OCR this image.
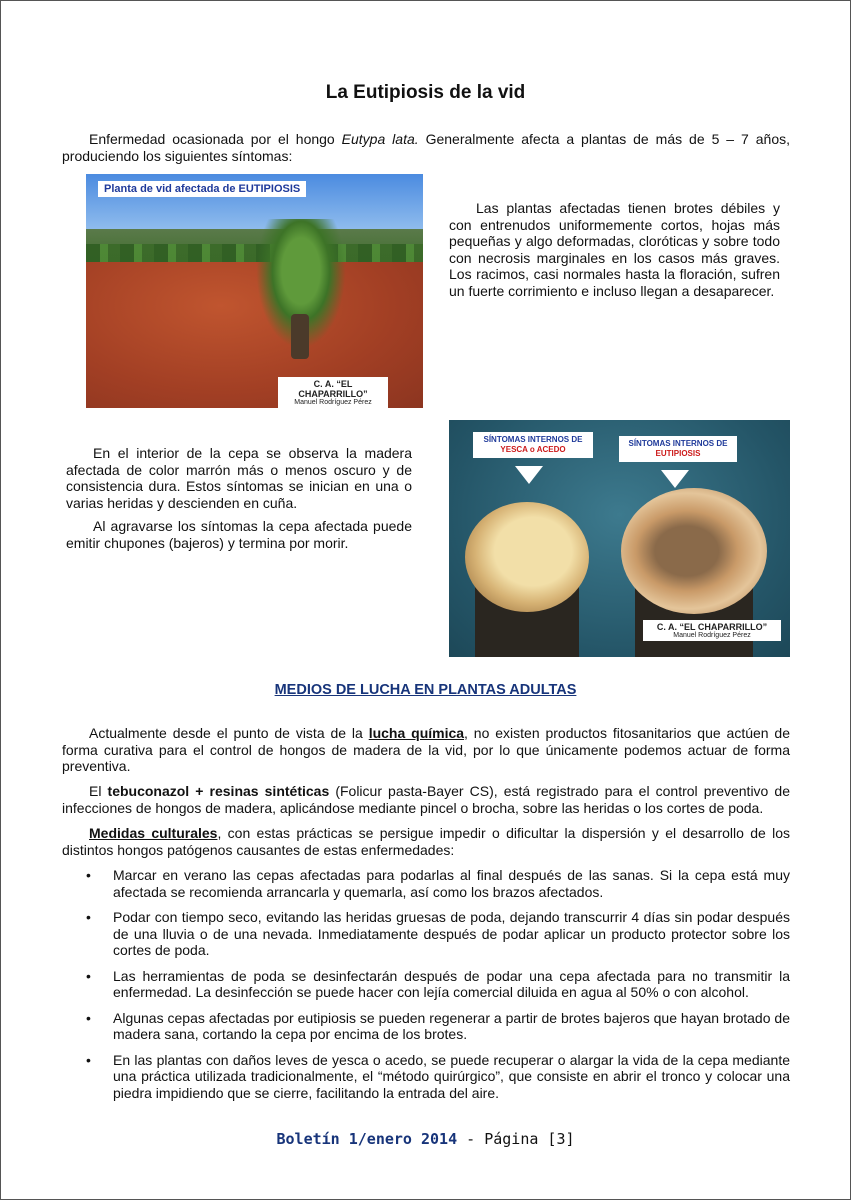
La Eutipiosis de la vid

Enfermedad ocasionada por el hongo Eutypa lata. Generalmente afecta a plantas de más de 5 – 7 años, produciendo los siguientes síntomas:

Planta de vid afectada de EUTIPIOSIS
C. A. “EL CHAPARRILLO”
Manuel Rodríguez Pérez

Las plantas afectadas tienen brotes débiles y con entrenudos uniformemente cortos, hojas más pequeñas y algo deformadas, cloróticas y sobre todo con necrosis marginales en los casos más graves. Los racimos, casi normales hasta la floración, sufren un fuerte corrimiento e incluso llegan a desaparecer.

En el interior de la cepa se observa la madera afectada de color marrón más o menos oscuro y de consistencia dura. Estos síntomas se inician en una o varias heridas y descienden en cuña.

Al agravarse los síntomas la cepa afectada puede emitir chupones (bajeros) y termina por morir.

SÍNTOMAS INTERNOS DE
YESCA o ACEDO
SÍNTOMAS INTERNOS DE
EUTIPIOSIS
C. A. “EL CHAPARRILLO”
Manuel Rodríguez Pérez
MEDIOS DE LUCHA EN PLANTAS ADULTAS

Actualmente desde el punto de vista de la lucha química, no existen productos fitosanitarios que actúen de forma curativa para el control de hongos de madera de la vid, por lo que únicamente podemos actuar de forma preventiva.

El tebuconazol + resinas sintéticas (Folicur pasta-Bayer CS), está registrado para el control preventivo de infecciones de hongos de madera, aplicándose mediante pincel o brocha, sobre las heridas o los cortes de poda.

Medidas culturales, con estas prácticas se persigue impedir o dificultar la dispersión y el desarrollo de los distintos hongos patógenos causantes de estas enfermedades:

• Marcar en verano las cepas afectadas para podarlas al final después de las sanas. Si la cepa está muy afectada se recomienda arrancarla y quemarla, así como los brazos afectados.
• Podar con tiempo seco, evitando las heridas gruesas de poda, dejando transcurrir 4 días sin podar después de una lluvia o de una nevada. Inmediatamente después de podar aplicar un producto protector sobre los cortes de poda.
• Las herramientas de poda se desinfectarán después de podar una cepa afectada para no transmitir la enfermedad. La desinfección se puede hacer con lejía comercial diluida en agua al 50% o con alcohol.
• Algunas cepas afectadas por eutipiosis se pueden regenerar a partir de brotes bajeros que hayan brotado de madera sana, cortando la cepa por encima de los brotes.
• En las plantas con daños leves de yesca o acedo, se puede recuperar o alargar la vida de la cepa mediante una práctica utilizada tradicionalmente, el “método quirúrgico”, que consiste en abrir el tronco y colocar una piedra impidiendo que se cierre, facilitando la entrada del aire.
Boletín 1/enero 2014 - Página [3]
